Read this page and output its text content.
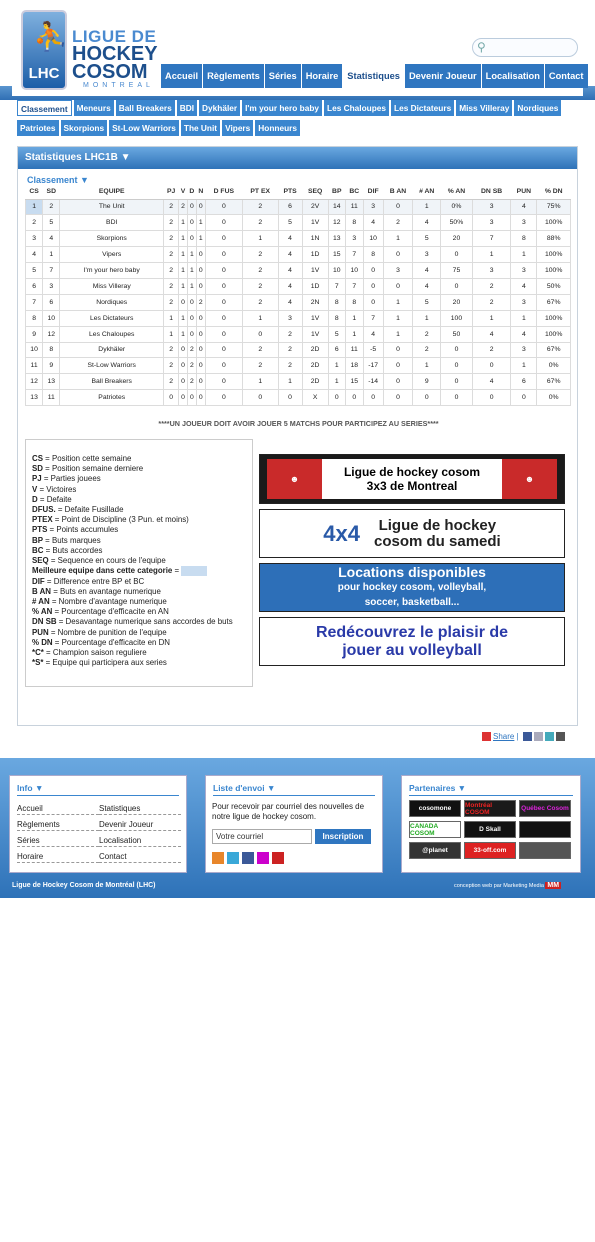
⛹
LHC
LIGUE DE
HOCKEY
COSOM
MONTREAL
⚲
Accueil Règlements Séries Horaire Statistiques Devenir Joueur Localisation Contact
Classement	Meneurs Ball Breakers BDI Dykhäler I'm your hero baby Les Chaloupes Les Dictateurs Miss Villeray Nordiques
Patriotes Skorpions St-Low Warriors The Unit Vipers Honneurs
Statistiques LHC1B ▼
Classement ▼
CS	SD	EQUIPE	PJ	V	D	N	D FUS	PT EX	PTS	SEQ	BP	BC	DIF	B AN	# AN	% AN	DN SB	PUN	% DN
1	2	The Unit	2	2	0	0	0	2	6	2V	14	11	3	0	1	0%	3	4	75%
2	5	BDI	2	1	0	1	0	2	5	1V	12	8	4	2	4	50%	3	3	100%
3	4	Skorpions	2	1	0	1	0	1	4	1N	13	3	10	1	5	20	7	8	88%
4	1	Vipers	2	1	1	0	0	2	4	1D	15	7	8	0	3	0	1	1	100%
5	7	I'm your hero baby	2	1	1	0	0	2	4	1V	10	10	0	3	4	75	3	3	100%
6	3	Miss Villeray	2	1	1	0	0	2	4	1D	7	7	0	0	4	0	2	4	50%
7	6	Nordiques	2	0	0	2	0	2	4	2N	8	8	0	1	5	20	2	3	67%
8	10	Les Dictateurs	1	1	0	0	0	1	3	1V	8	1	7	1	1	100	1	1	100%
9	12	Les Chaloupes	1	1	0	0	0	0	2	1V	5	1	4	1	2	50	4	4	100%
10	8	Dykhäler	2	0	2	0	0	2	2	2D	6	11	-5	0	2	0	2	3	67%
11	9	St-Low Warriors	2	0	2	0	0	2	2	2D	1	18	-17	0	1	0	0	1	0%
12	13	Ball Breakers	2	0	2	0	0	1	1	2D	1	15	-14	0	9	0	4	6	67%
13	11	Patriotes	0	0	0	0	0	0	0	X	0	0	0	0	0	0	0	0	0%
****UN JOUEUR DOIT AVOIR JOUER 5 MATCHS POUR PARTICIPEZ AU SERIES****
CS = Position cette semaine
SD = Position semaine derniere
PJ = Parties jouees
V = Victoires
D = Defaite
DFUS. = Defaite Fusillade
PTEX = Point de Discipline (3 Pun. et moins)
PTS = Points accumules
BP = Buts marques
BC = Buts accordes
SEQ = Sequence en cours de l'equipe
Meilleure equipe dans cette categorie =
DIF = Difference entre BP et BC
B AN = Buts en avantage numerique
# AN = Nombre d'avantage numerique
% AN = Pourcentage d'efficacite en AN
DN SB = Desavantage numerique sans accordes de buts
PUN = Nombre de punition de l'equipe
% DN = Pourcentage d'efficacite en DN
*C* = Champion saison reguliere
*S* = Equipe qui participera aux series
☻	Ligue de hockey cosom
3x3 de Montreal	☻
4x4	Ligue de hockey
cosom du samedi
Locations disponibles
pour hockey cosom, volleyball,
soccer, basketball...
Redécouvrez le plaisir de
jouer au volleyball
Share |
Info ▼
Accueil	Statistiques
Règlements	Devenir Joueur
Séries	Localisation
Horaire	Contact
Liste d'envoi ▼
Pour recevoir par courriel des nouvelles de notre ligue de hockey cosom.
Votre courriel	Inscription
Partenaires ▼
cosomone	Montréal COSOM	Québec Cosom
CANADA COSOM	D Skall
@planet	33-off.com
Ligue de Hockey Cosom de Montréal (LHC)	conception web par Marketing Media MM
